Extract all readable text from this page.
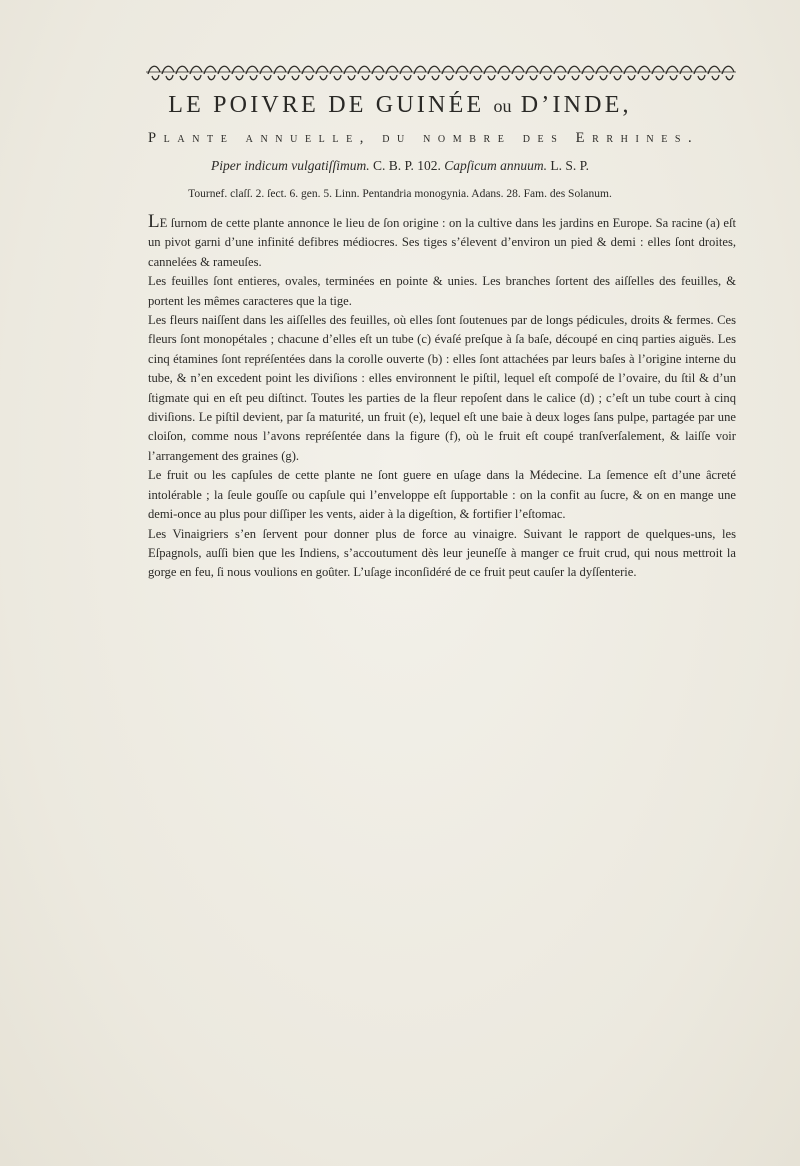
LE POIVRE DE GUINÉE ou D’INDE,
Plante annuelle, du nombre des Errhines.
Piper indicum vulgatiſſimum. C. B. P. 102. Capſicum annuum. L. S. P.
Tournef. claſſ. 2. ſect. 6. gen. 5. Linn. Pentandria monogynia. Adans. 28. Fam. des Solanum.

LE ſurnom de cette plante annonce le lieu de ſon origine : on la cultive dans les jardins en Europe. Sa racine (a) eſt un pivot garni d’une infinité defibres médiocres. Ses tiges s’élevent d’environ un pied & demi : elles ſont droites, cannelées & rameuſes.

Les feuilles ſont entieres, ovales, terminées en pointe & unies. Les branches ſortent des aiſſelles des feuilles, & portent les mêmes caracteres que la tige.

Les fleurs naiſſent dans les aiſſelles des feuilles, où elles ſont ſoutenues par de longs pédicules, droits & fermes. Ces fleurs ſont monopétales ; chacune d’elles eſt un tube (c) évaſé preſque à ſa baſe, découpé en cinq parties aiguës. Les cinq étamines ſont repréſentées dans la corolle ouverte (b) : elles ſont attachées par leurs baſes à l’origine interne du tube, & n’en excedent point les diviſions : elles environnent le piſtil, lequel eſt compoſé de l’ovaire, du ſtil & d’un ſtigmate qui en eſt peu diſtinct. Toutes les parties de la fleur repoſent dans le calice (d) ; c’eſt un tube court à cinq diviſions. Le piſtil devient, par ſa maturité, un fruit (e), lequel eſt une baie à deux loges ſans pulpe, partagée par une cloiſon, comme nous l’avons repréſentée dans la figure (f), où le fruit eſt coupé tranſverſalement, & laiſſe voir l’arrangement des graines (g).

Le fruit ou les capſules de cette plante ne ſont guere en uſage dans la Médecine. La ſemence eſt d’une âcreté intolérable ; la ſeule gouſſe ou capſule qui l’enveloppe eſt ſupportable : on la confit au ſucre, & on en mange une demi-once au plus pour diſſiper les vents, aider à la digeſtion, & fortifier l’eſtomac.

Les Vinaigriers s’en ſervent pour donner plus de force au vinaigre. Suivant le rapport de quelques-uns, les Eſpagnols, auſſi bien que les Indiens, s’accoutument dès leur jeuneſſe à manger ce fruit crud, qui nous mettroit la gorge en feu, ſi nous voulions en goûter. L’uſage inconſidéré de ce fruit peut cauſer la dyſſenterie.
